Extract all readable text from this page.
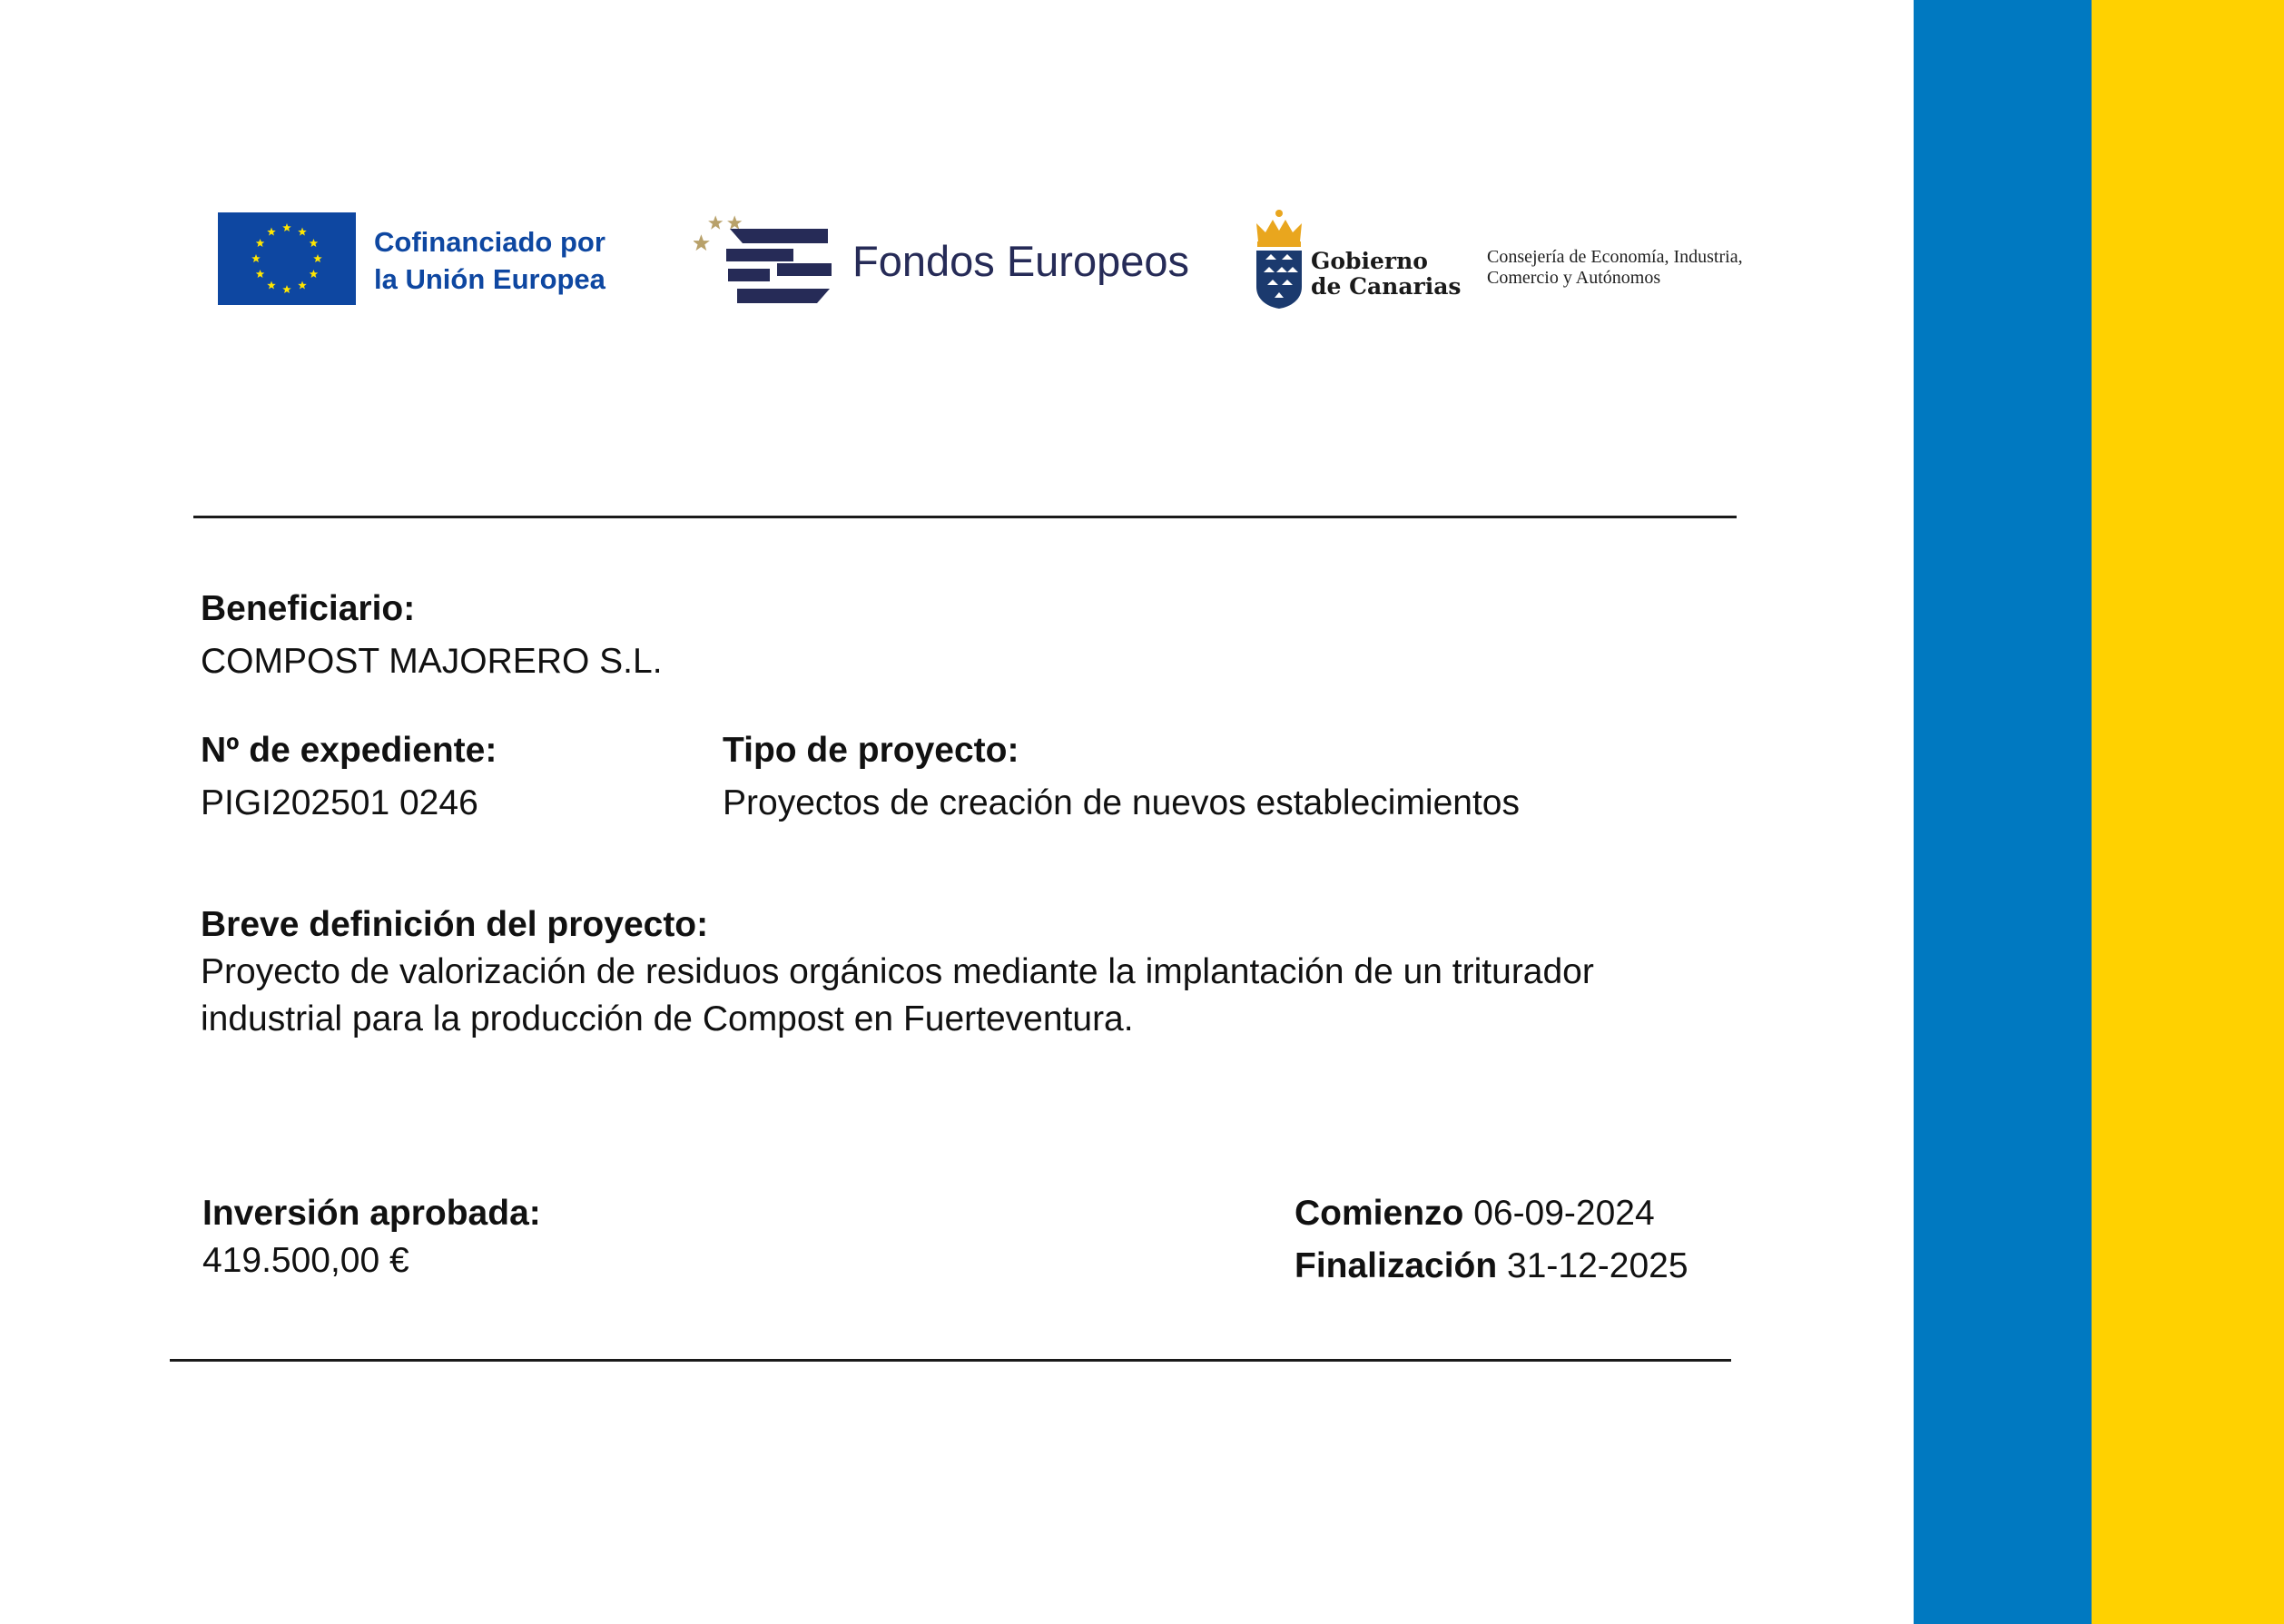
Cofinanciado por
la Unión Europea	Fondos Europeos	Gobierno
de Canarias
Consejería de Economía, Industria,
Comercio y Autónomos
Beneficiario:
COMPOST MAJORERO S.L.
Nº de expediente:
PIGI202501 0246
Tipo de proyecto:
Proyectos de creación de nuevos establecimientos
Breve definición del proyecto:
Proyecto de valorización de residuos orgánicos mediante la implantación de un triturador
industrial para la producción de Compost en Fuerteventura.
Inversión aprobada:
419.500,00 €
Comienzo 06-09-2024
Finalización 31-12-2025
